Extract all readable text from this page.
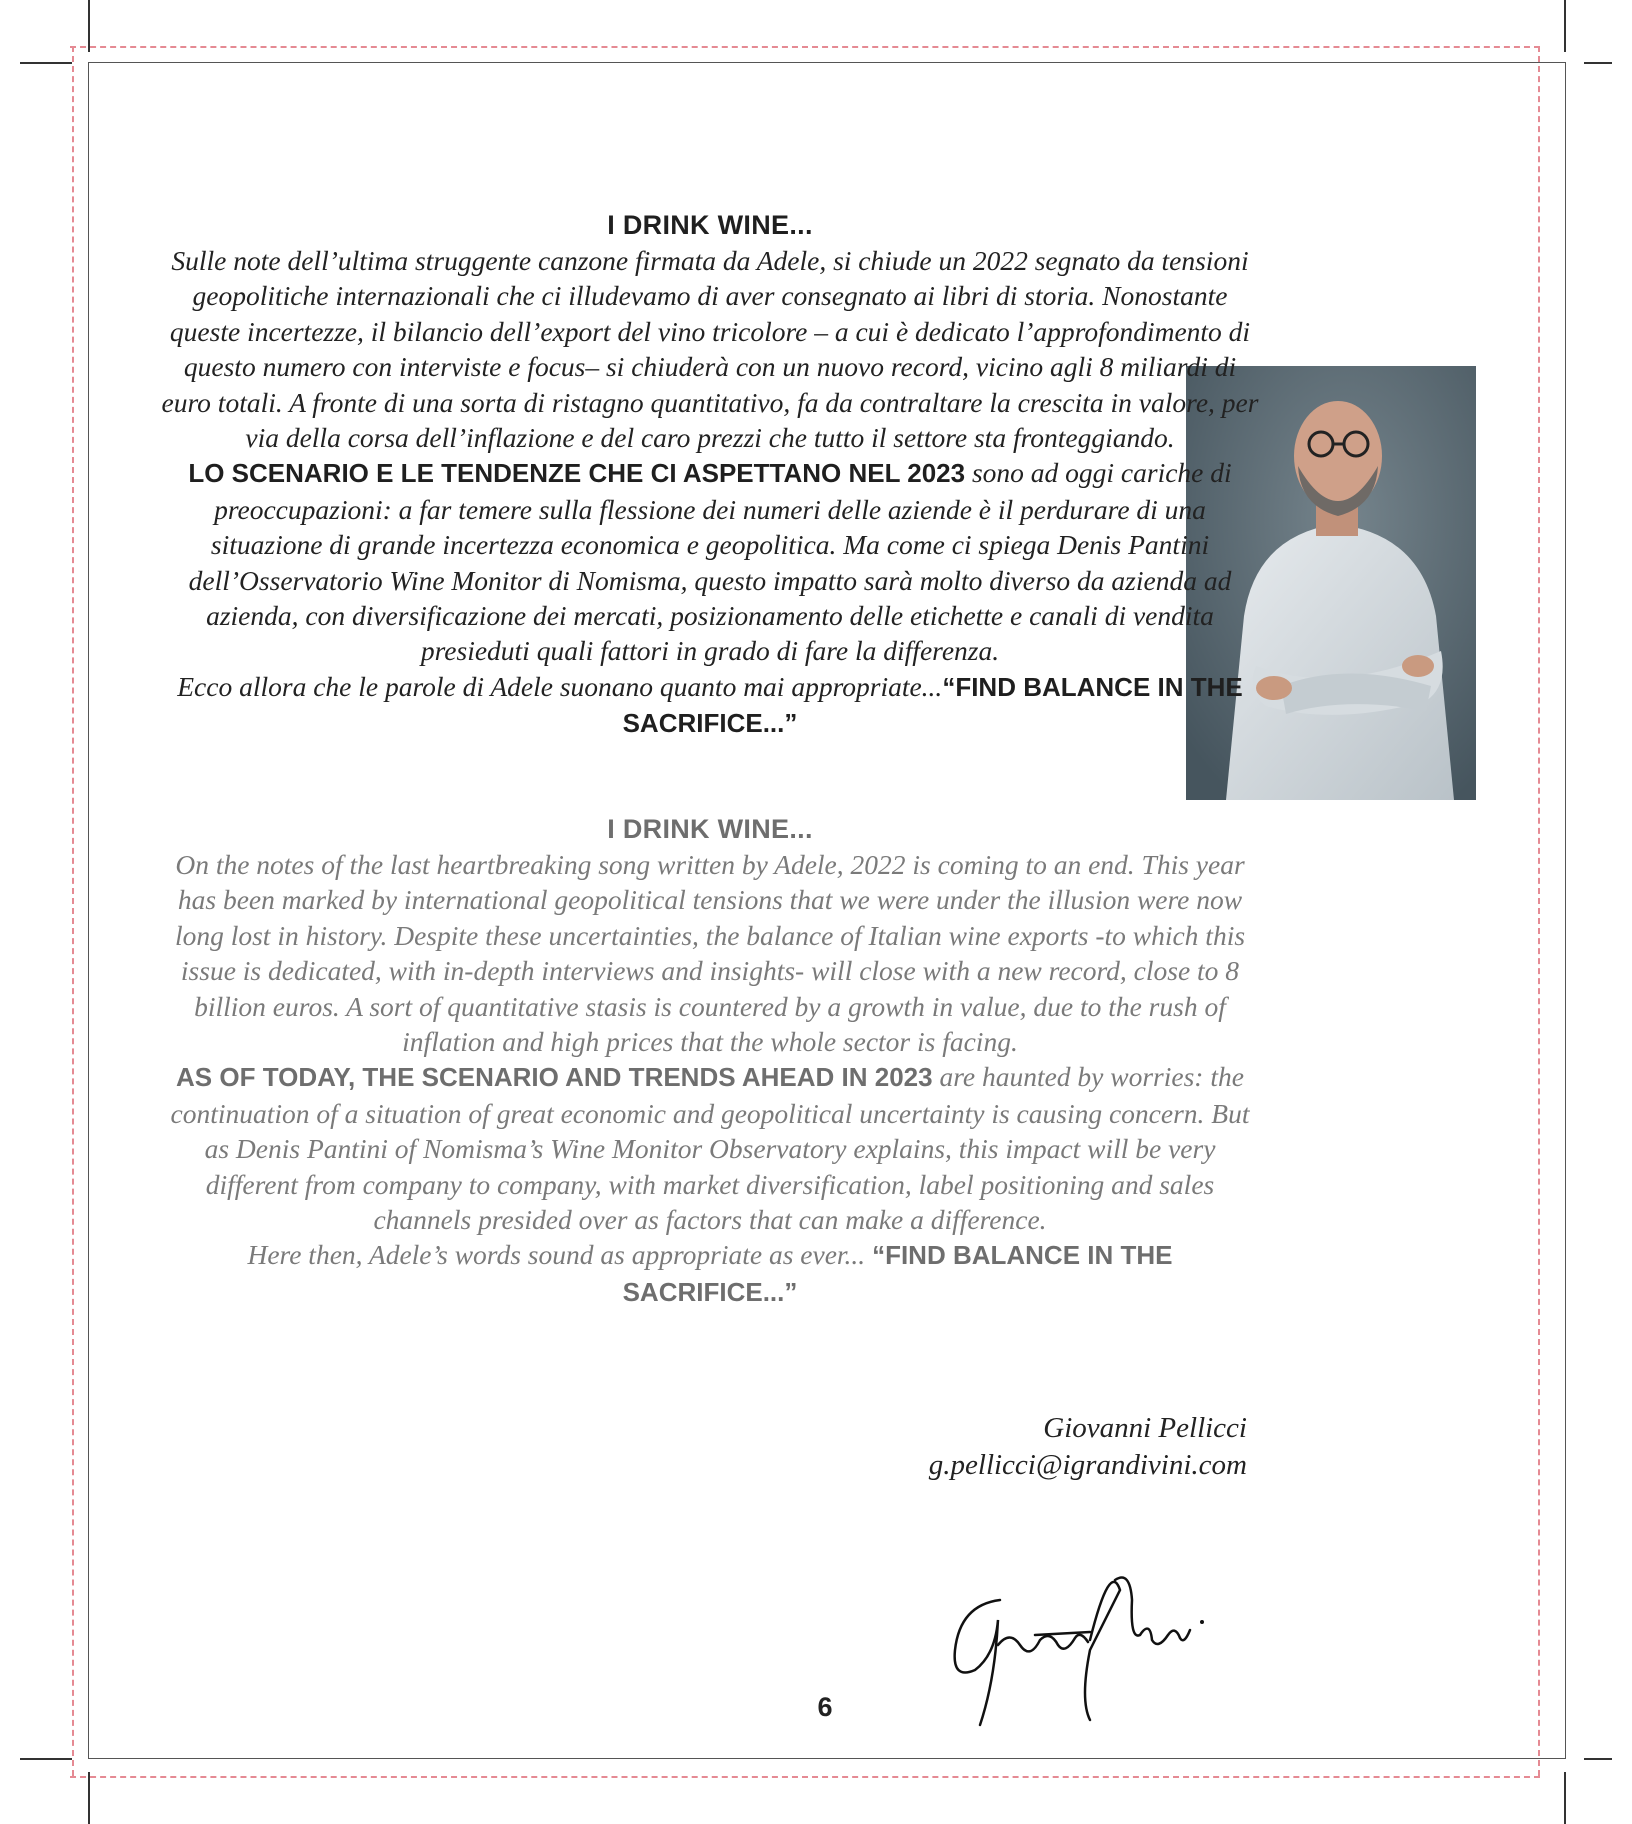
I DRINK WINE...

Sulle note dell’ultima struggente canzone firmata da Adele, si chiude un 2022 segnato da tensioni geopolitiche internazionali che ci illudevamo di aver consegnato ai libri di storia. Nonostante queste incertezze, il bilancio dell’export del vino tricolore – a cui è dedicato l’approfondimento di questo numero con interviste e focus– si chiuderà con un nuovo record, vicino agli 8 miliardi di euro totali. A fronte di una sorta di ristagno quantitativo, fa da contraltare la crescita in valore, per via della corsa dell’inflazione e del caro prezzi che tutto il settore sta fronteggiando.

LO SCENARIO E LE TENDENZE CHE CI ASPETTANO NEL 2023 sono ad oggi cariche di preoccupazioni: a far temere sulla flessione dei numeri delle aziende è il perdurare di una situazione di grande incertezza economica e geopolitica. Ma come ci spiega Denis Pantini dell’Osservatorio Wine Monitor di Nomisma, questo impatto sarà molto diverso da azienda ad azienda, con diversificazione dei mercati, posizionamento delle etichette e canali di vendita presieduti quali fattori in grado di fare la differenza.

Ecco allora che le parole di Adele suonano quanto mai appropriate...“FIND BALANCE IN THE SACRIFICE...”

I DRINK WINE...

On the notes of the last heartbreaking song written by Adele, 2022 is coming to an end. This year has been marked by international geopolitical tensions that we were under the illusion were now long lost in history. Despite these uncertainties, the balance of Italian wine exports -to which this issue is dedicated, with in-depth interviews and insights- will close with a new record, close to 8 billion euros. A sort of quantitative stasis is countered by a growth in value, due to the rush of inflation and high prices that the whole sector is facing.

AS OF TODAY, THE SCENARIO AND TRENDS AHEAD IN 2023 are haunted by worries: the continuation of a situation of great economic and geopolitical uncertainty is causing concern. But as Denis Pantini of Nomisma’s Wine Monitor Observatory explains, this impact will be very different from company to company, with market diversification, label positioning and sales channels presided over as factors that can make a difference.

Here then, Adele’s words sound as appropriate as ever... “FIND BALANCE IN THE SACRIFICE...”

Giovanni Pellicci
g.pellicci@igrandivini.com
6
